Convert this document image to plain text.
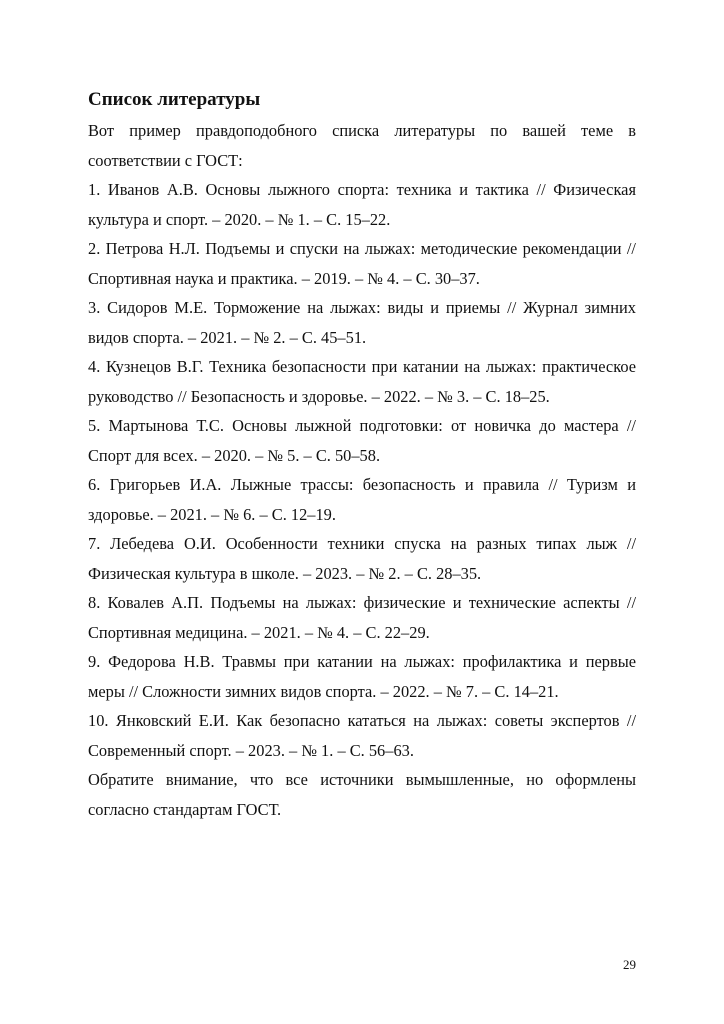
Список литературы

Вот пример правдоподобного списка литературы по вашей теме в соответствии с ГОСТ:

1. Иванов А.В. Основы лыжного спорта: техника и тактика // Физическая культура и спорт. – 2020. – № 1. – С. 15–22.

2. Петрова Н.Л. Подъемы и спуски на лыжах: методические рекомендации // Спортивная наука и практика. – 2019. – № 4. – С. 30–37.

3. Сидоров М.Е. Торможение на лыжах: виды и приемы // Журнал зимних видов спорта. – 2021. – № 2. – С. 45–51.

4. Кузнецов В.Г. Техника безопасности при катании на лыжах: практическое руководство // Безопасность и здоровье. – 2022. – № 3. – С. 18–25.

5. Мартынова Т.С. Основы лыжной подготовки: от новичка до мастера // Спорт для всех. – 2020. – № 5. – С. 50–58.

6. Григорьев И.А. Лыжные трассы: безопасность и правила // Туризм и здоровье. – 2021. – № 6. – С. 12–19.

7. Лебедева О.И. Особенности техники спуска на разных типах лыж // Физическая культура в школе. – 2023. – № 2. – С. 28–35.

8. Ковалев А.П. Подъемы на лыжах: физические и технические аспекты // Спортивная медицина. – 2021. – № 4. – С. 22–29.

9. Федорова Н.В. Травмы при катании на лыжах: профилактика и первые меры // Сложности зимних видов спорта. – 2022. – № 7. – С. 14–21.

10. Янковский Е.И. Как безопасно кататься на лыжах: советы экспертов // Современный спорт. – 2023. – № 1. – С. 56–63.

Обратите внимание, что все источники вымышленные, но оформлены согласно стандартам ГОСТ.

29
